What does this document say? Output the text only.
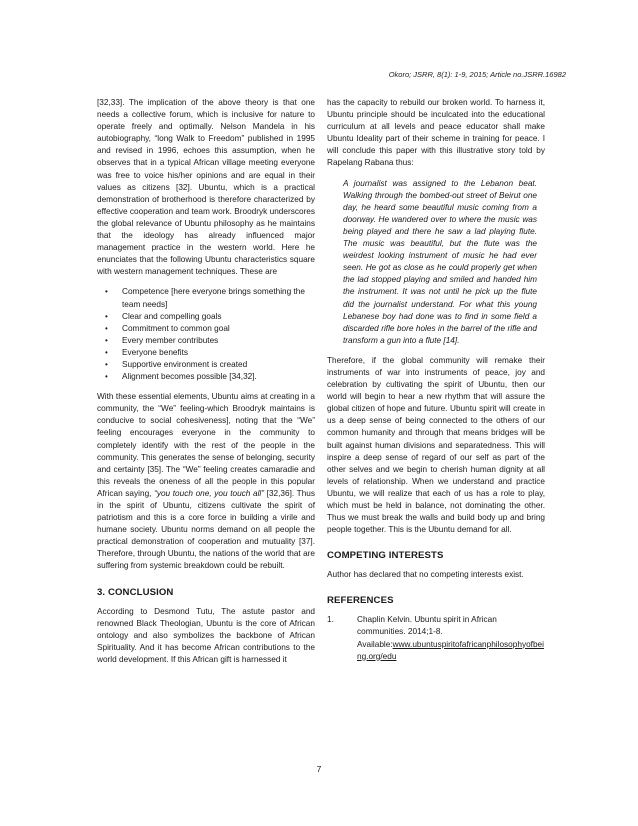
Okoro; JSRR, 8(1): 1-9, 2015; Article no.JSRR.16982

[32,33]. The implication of the above theory is that one needs a collective forum, which is inclusive for nature to operate freely and optimally. Nelson Mandela in his autobiography, “long Walk to Freedom” published in 1995 and revised in 1996, echoes this assumption, when he observes that in a typical African village meeting everyone was free to voice his/her opinions and are equal in their values as citizens [32]. Ubuntu, which is a practical demonstration of brotherhood is therefore characterized by effective cooperation and team work. Broodryk underscores the global relevance of Ubuntu philosophy as he maintains that the ideology has already influenced major management practice in the western world. Here he enunciates that the following Ubuntu characteristics square with western management techniques. These are

• Competence [here everyone brings something the team needs]
• Clear and compelling goals
• Commitment to common goal
• Every member contributes
• Everyone benefits
• Supportive environment is created
• Alignment becomes possible [34,32].

With these essential elements, Ubuntu aims at creating in a community, the “We” feeling-which Broodryk maintains is conducive to social cohesiveness], noting that the “We” feeling encourages everyone in the community to completely identify with the rest of the people in the community. This generates the sense of belonging, security and certainty [35]. The “We” feeling creates camaradie and this reveals the oneness of all the people in this popular African saying, “you touch one, you touch all” [32,36]. Thus in the spirit of Ubuntu, citizens cultivate the spirit of patriotism and this is a core force in building a virile and humane society. Ubuntu norms demand on all people the practical demonstration of cooperation and mutuality [37]. Therefore, through Ubuntu, the nations of the world that are suffering from systemic breakdown could be rebuilt.

3. CONCLUSION

According to Desmond Tutu, The astute pastor and renowned Black Theologian, Ubuntu is the core of African ontology and also symbolizes the backbone of African Spirituality. And it has become African contributions to the world development. If this African gift is harnessed it

has the capacity to rebuild our broken world. To harness it, Ubuntu principle should be inculcated into the educational curriculum at all levels and peace educator shall make Ubuntu Ideality part of their scheme in training for peace. I will conclude this paper with this illustrative story told by Rapelang Rabana thus:

A journalist was assigned to the Lebanon beat. Walking through the bombed-out street of Beirut one day, he heard some beautiful music coming from a doorway. He wandered over to where the music was being played and there he saw a lad playing flute. The music was beautiful, but the flute was the weirdest looking instrument of music he had ever seen. He got as close as he could properly get when the lad stopped playing and smiled and handed him the instrument. It was not until he pick up the flute did the journalist understand. For what this young Lebanese boy had done was to find in some field a discarded rifle bore holes in the barrel of the rifle and transform a gun into a flute [14].

Therefore, if the global community will remake their instruments of war into instruments of peace, joy and celebration by cultivating the spirit of Ubuntu, then our world will begin to hear a new rhythm that will assure the global citizen of hope and future. Ubuntu spirit will create in us a deep sense of being connected to the others of our common humanity and through that means bridges will be built against human divisions and separatedness. This will inspire a deep sense of regard of our self as part of the other selves and we begin to cherish human dignity at all levels of relationship. When we understand and practice Ubuntu, we will realize that each of us has a role to play, which must be held in balance, not dominating the other. Thus we must break the walls and build body up and bring people together. This is the Ubuntu demand for all.

COMPETING INTERESTS

Author has declared that no competing interests exist.

REFERENCES
1.	Chaplin Kelvin. Ubuntu spirit in African communities. 2014;1-8.
Available:www.ubuntuspiritofafricanphilosophyofbeing.org/edu
7
